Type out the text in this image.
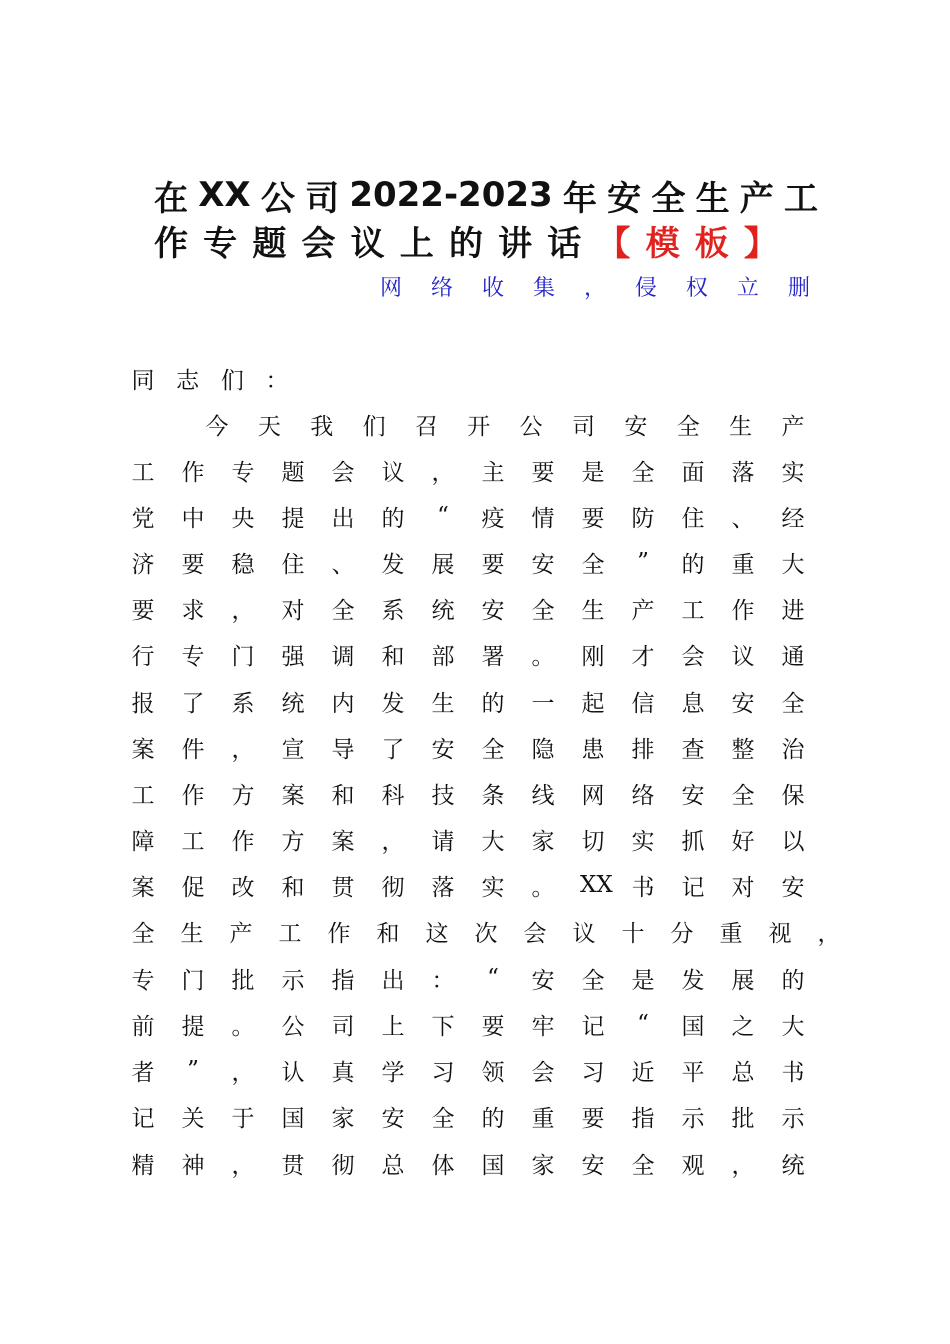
在 XX 公 司 2022-2023 年 安 全 生 产 工
作 专 题 会 议 上 的 讲 话 【 模 板 】
网 络 收 集 ， 侵 权 立 删
同 志 们 ：
今 天 我 们 召 开 公 司 安 全 生 产
工 作 专 题 会 议 ， 主 要 是 全 面 落 实
党 中 央 提 出 的	“	疫 情 要 防 住 、 经
济 要 稳 住 、 发 展 要 安 全	”	的 重 大
要 求 ， 对 全 系 统 安 全 生 产 工 作 进
行 专 门 强 调 和 部 署 。 刚 才 会 议 通
报 了 系 统 内 发 生 的 一 起 信 息 安 全
案 件 ， 宣 导 了 安 全 隐 患 排 查 整 治
工 作 方 案 和 科 技 条 线 网 络 安 全 保
障 工 作 方 案 ， 请 大 家 切 实 抓 好 以
案 促 改 和 贯 彻 落 实 。 XX 书 记 对 安
全 生 产 工 作 和 这 次 会 议 十 分 重 视 ，
专 门 批 示 指 出 ：	“	安 全 是 发 展 的
前 提 。 公 司 上 下 要 牢 记	“	国 之 大
者	”	， 认 真 学 习 领 会 习 近 平 总 书
记 关 于 国 家 安 全 的 重 要 指 示 批 示
精 神 ， 贯 彻 总 体 国 家 安 全 观 ， 统
